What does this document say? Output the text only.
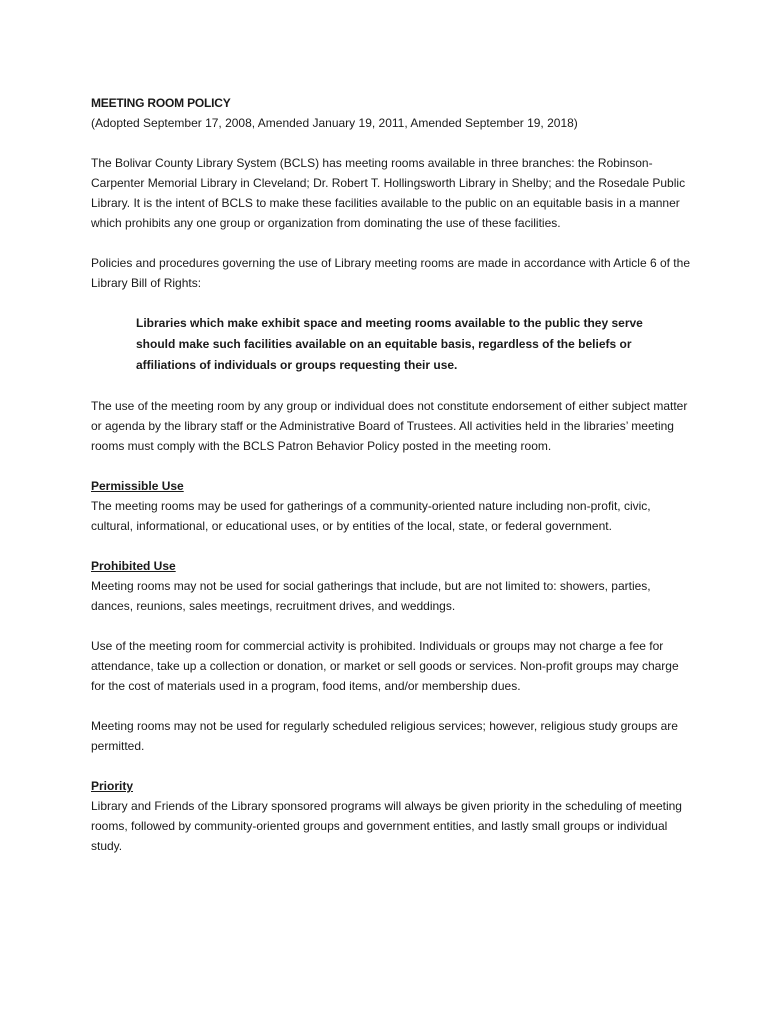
MEETING ROOM POLICY
(Adopted September 17, 2008, Amended January 19, 2011, Amended September 19, 2018)

The Bolivar County Library System (BCLS) has meeting rooms available in three branches: the Robinson-Carpenter Memorial Library in Cleveland; Dr. Robert T. Hollingsworth Library in Shelby; and the Rosedale Public Library. It is the intent of BCLS to make these facilities available to the public on an equitable basis in a manner which prohibits any one group or organization from dominating the use of these facilities.

Policies and procedures governing the use of Library meeting rooms are made in accordance with Article 6 of the Library Bill of Rights:

Libraries which make exhibit space and meeting rooms available to the public they serve should make such facilities available on an equitable basis, regardless of the beliefs or affiliations of individuals or groups requesting their use.

The use of the meeting room by any group or individual does not constitute endorsement of either subject matter or agenda by the library staff or the Administrative Board of Trustees. All activities held in the libraries’ meeting rooms must comply with the BCLS Patron Behavior Policy posted in the meeting room.

Permissible Use

The meeting rooms may be used for gatherings of a community-oriented nature including non-profit, civic, cultural, informational, or educational uses, or by entities of the local, state, or federal government.

Prohibited Use

Meeting rooms may not be used for social gatherings that include, but are not limited to: showers, parties, dances, reunions, sales meetings, recruitment drives, and weddings.

Use of the meeting room for commercial activity is prohibited. Individuals or groups may not charge a fee for attendance, take up a collection or donation, or market or sell goods or services. Non-profit groups may charge for the cost of materials used in a program, food items, and/or membership dues.

Meeting rooms may not be used for regularly scheduled religious services; however, religious study groups are permitted.

Priority

Library and Friends of the Library sponsored programs will always be given priority in the scheduling of meeting rooms, followed by community-oriented groups and government entities, and lastly small groups or individual study.
